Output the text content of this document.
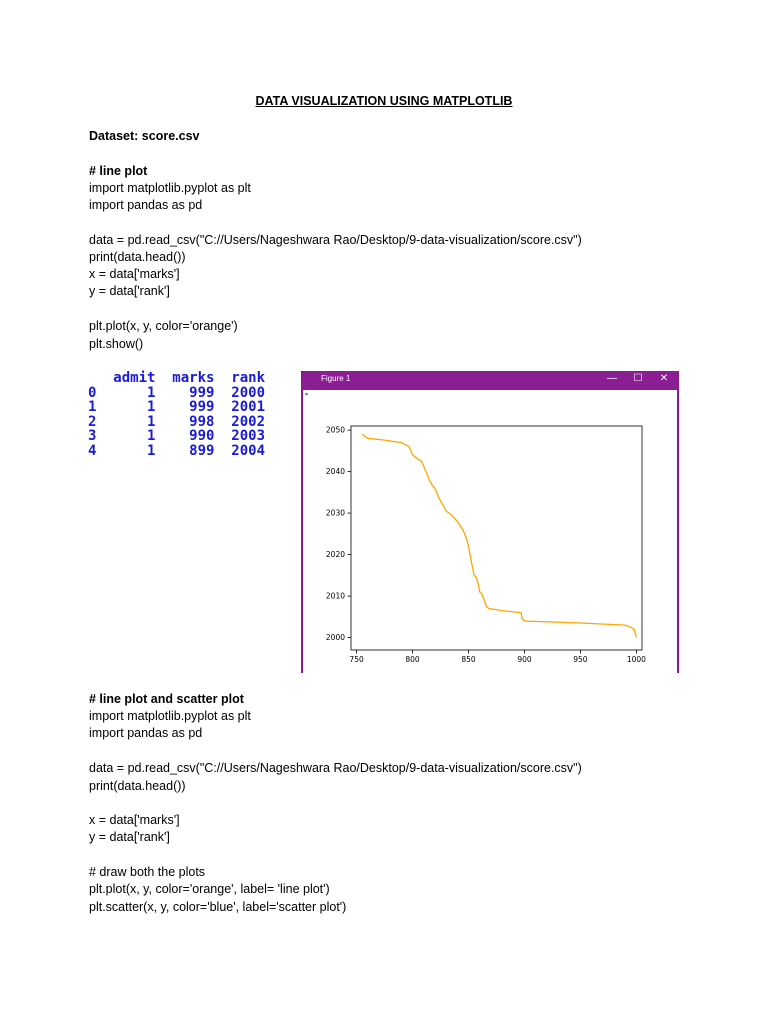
DATA VISUALIZATION USING MATPLOTLIB
Dataset: score.csv
# line plot
import matplotlib.pyplot as plt
import pandas as pd
data = pd.read_csv("C://Users/Nageshwara Rao/Desktop/9-data-visualization/score.csv")
print(data.head())
x = data['marks']
y = data['rank']
plt.plot(x, y, color='orange')
plt.show()
admit  marks  rank
0      1    999  2000
1      1    999  2001
2      1    998  2002
3      1    990  2003
4      1    899  2004
Figure 1	—	☐	✕
750	800	850	900	950	1000
2000
2010
2020
2030
2040
2050
# line plot and scatter plot
import matplotlib.pyplot as plt
import pandas as pd
data = pd.read_csv("C://Users/Nageshwara Rao/Desktop/9-data-visualization/score.csv")
print(data.head())
x = data['marks']
y = data['rank']
# draw both the plots
plt.plot(x, y, color='orange', label= 'line plot')
plt.scatter(x, y, color='blue', label='scatter plot')
